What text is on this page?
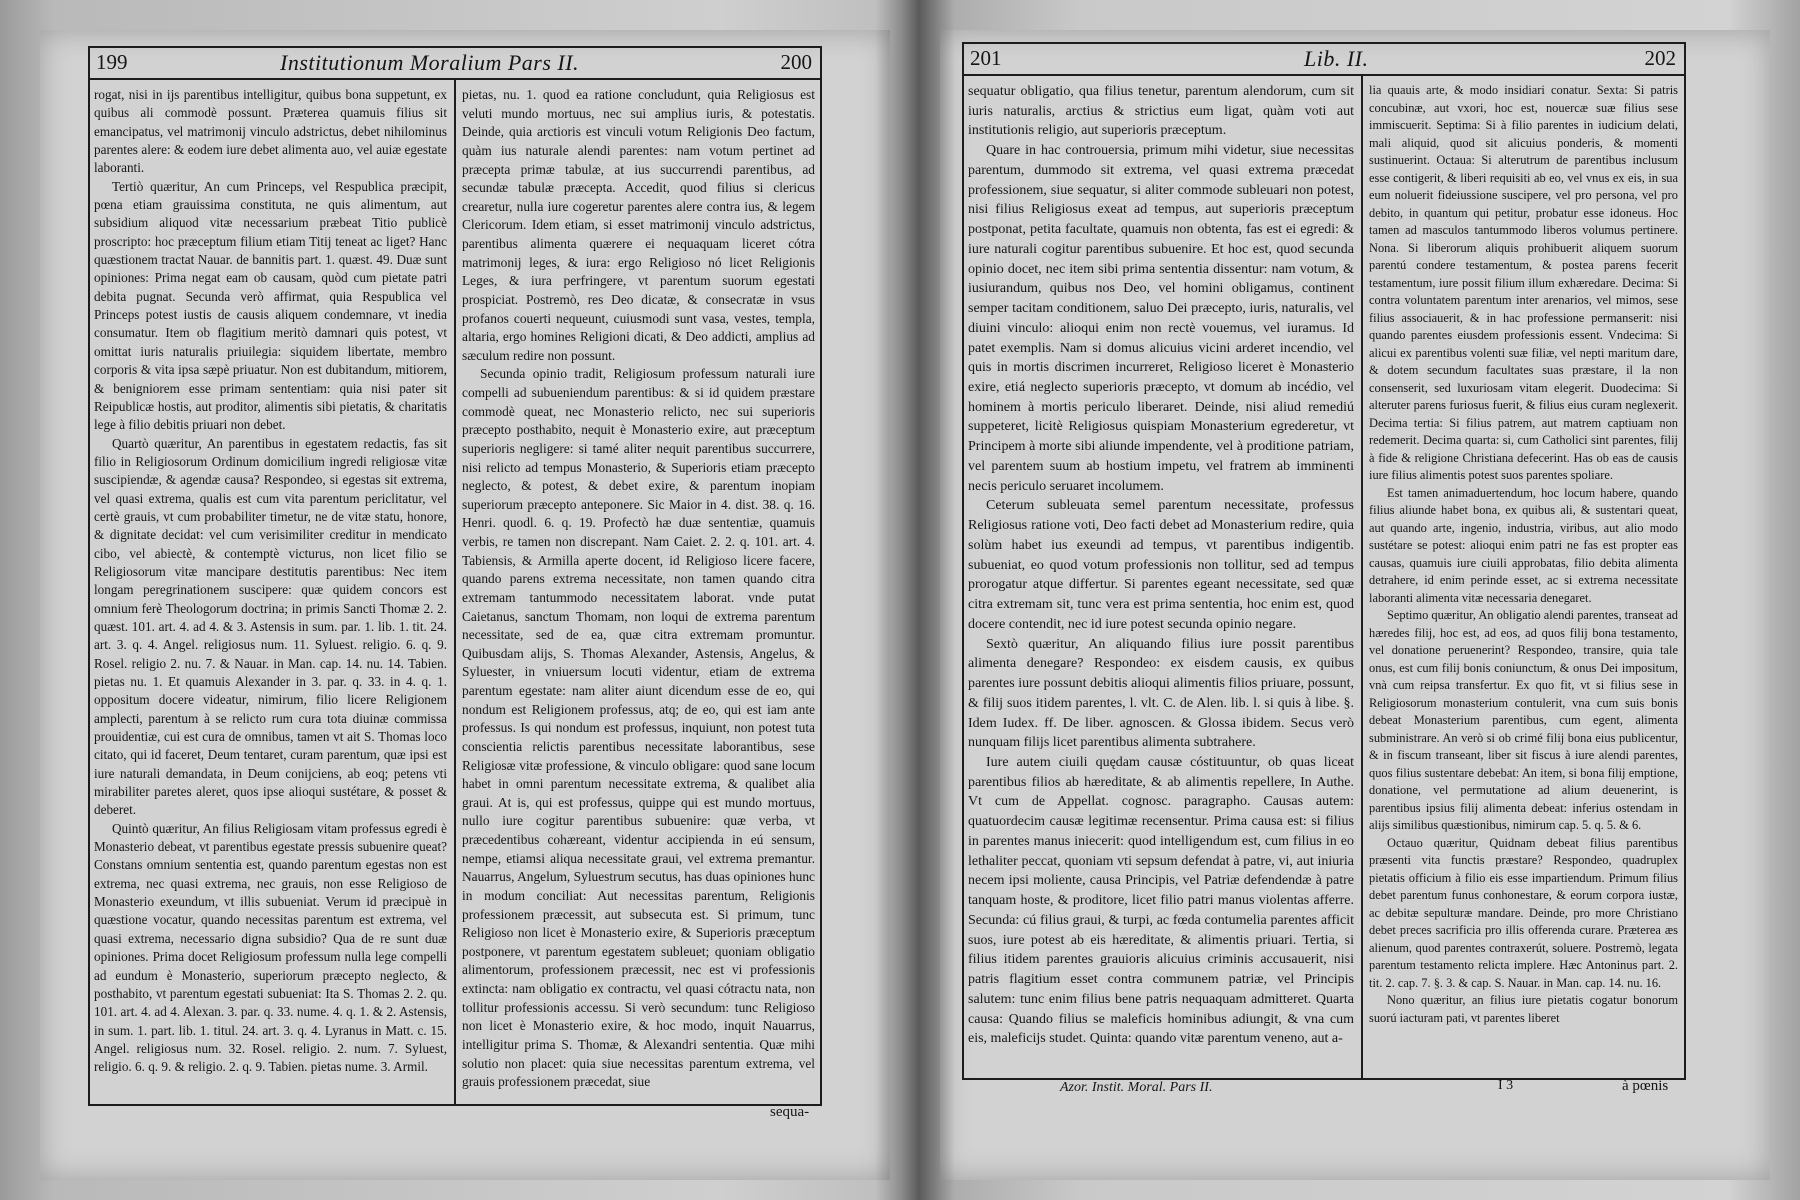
199	Institutionum Moralium Pars II.	200

rogat, nisi in ijs parentibus intelligitur, quibus bona suppetunt, ex quibus ali commodè possunt. Præterea quamuis filius sit emancipatus, vel matrimonij vinculo adstrictus, debet nihilominus parentes alere: & eodem iure debet alimenta auo, vel auiæ egestate laboranti.

Tertiò quæritur, An cum Princeps, vel Respublica præcipit, pœna etiam grauissima constituta, ne quis alimentum, aut subsidium aliquod vitæ necessarium præbeat Titio publicè proscripto: hoc præceptum filium etiam Titij teneat ac liget? Hanc quæstionem tractat Nauar. de bannitis part. 1. quæst. 49. Duæ sunt opiniones: Prima negat eam ob causam, quòd cum pietate patri debita pugnat. Secunda verò affirmat, quia Respublica vel Princeps potest iustis de causis aliquem condemnare, vt inedia consumatur. Item ob flagitium meritò damnari quis potest, vt omittat iuris naturalis priuilegia: siquidem libertate, membro corporis & vita ipsa sæpè priuatur. Non est dubitandum, mitiorem, & benigniorem esse primam sententiam: quia nisi pater sit Reipublicæ hostis, aut proditor, alimentis sibi pietatis, & charitatis lege à filio debitis priuari non debet.

Quartò quæritur, An parentibus in egestatem redactis, fas sit filio in Religiosorum Ordinum domicilium ingredi religiosæ vitæ suscipiendæ, & agendæ causa? Respondeo, si egestas sit extrema, vel quasi extrema, qualis est cum vita parentum periclitatur, vel certè grauis, vt cum probabiliter timetur, ne de vitæ statu, honore, & dignitate decidat: vel cum verisimiliter creditur in mendicato cibo, vel abiectè, & contemptè victurus, non licet filio se Religiosorum vitæ mancipare destitutis parentibus: Nec item longam peregrinationem suscipere: quæ quidem concors est omnium ferè Theologorum doctrina; in primis Sancti Thomæ 2. 2. quæst. 101. art. 4. ad 4. & 3. Astensis in sum. par. 1. lib. 1. tit. 24. art. 3. q. 4. Angel. religiosus num. 11. Syluest. religio. 6. q. 9. Rosel. religio 2. nu. 7. & Nauar. in Man. cap. 14. nu. 14. Tabien. pietas nu. 1. Et quamuis Alexander in 3. par. q. 33. in 4. q. 1. oppositum docere videatur, nimirum, filio licere Religionem amplecti, parentum à se relicto rum cura tota diuinæ commissa prouidentiæ, cui est cura de omnibus, tamen vt ait S. Thomas loco citato, qui id faceret, Deum tentaret, curam parentum, quæ ipsi est iure naturali demandata, in Deum conijciens, ab eoq; petens vti mirabiliter paretes aleret, quos ipse alioqui sustétare, & posset & deberet.

Quintò quæritur, An filius Religiosam vitam professus egredi è Monasterio debeat, vt parentibus egestate pressis subuenire queat? Constans omnium sententia est, quando parentum egestas non est extrema, nec quasi extrema, nec grauis, non esse Religioso de Monasterio exeundum, vt illis subueniat. Verum id præcipuè in quæstione vocatur, quando necessitas parentum est extrema, vel quasi extrema, necessario digna subsidio? Qua de re sunt duæ opiniones. Prima docet Religiosum professum nulla lege compelli ad eundum è Monasterio, superiorum præcepto neglecto, & posthabito, vt parentum egestati subueniat: Ita S. Thomas 2. 2. qu. 101. art. 4. ad 4. Alexan. 3. par. q. 33. nume. 4. q. 1. & 2. Astensis, in sum. 1. part. lib. 1. titul. 24. art. 3. q. 4. Lyranus in Matt. c. 15. Angel. religiosus num. 32. Rosel. religio. 2. num. 7. Syluest, religio. 6. q. 9. & religio. 2. q. 9. Tabien. pietas nume. 3. Armil.

pietas, nu. 1. quod ea ratione concludunt, quia Religiosus est veluti mundo mortuus, nec sui amplius iuris, & potestatis. Deinde, quia arctioris est vinculi votum Religionis Deo factum, quàm ius naturale alendi parentes: nam votum pertinet ad præcepta primæ tabulæ, at ius succurrendi parentibus, ad secundæ tabulæ præcepta. Accedit, quod filius si clericus crearetur, nulla iure cogeretur parentes alere contra ius, & legem Clericorum. Idem etiam, si esset matrimonij vinculo adstrictus, parentibus alimenta quærere ei nequaquam liceret cótra matrimonij leges, & iura: ergo Religioso nó licet Religionis Leges, & iura perfringere, vt parentum suorum egestati prospiciat. Postremò, res Deo dicatæ, & consecratæ in vsus profanos couerti nequeunt, cuiusmodi sunt vasa, vestes, templa, altaria, ergo homines Religioni dicati, & Deo addicti, amplius ad sæculum redire non possunt.

Secunda opinio tradit, Religiosum professum naturali iure compelli ad subueniendum parentibus: & si id quidem præstare commodè queat, nec Monasterio relicto, nec sui superioris præcepto posthabito, nequit è Monasterio exire, aut præceptum superioris negligere: si tamé aliter nequit parentibus succurrere, nisi relicto ad tempus Monasterio, & Superioris etiam præcepto neglecto, & potest, & debet exire, & parentum inopiam superiorum præcepto anteponere. Sic Maior in 4. dist. 38. q. 16. Henri. quodl. 6. q. 19. Profectò hæ duæ sententiæ, quamuis verbis, re tamen non discrepant. Nam Caiet. 2. 2. q. 101. art. 4. Tabiensis, & Armilla aperte docent, id Religioso licere facere, quando parens extrema necessitate, non tamen quando citra extremam tantummodo necessitatem laborat. vnde putat Caietanus, sanctum Thomam, non loqui de extrema parentum necessitate, sed de ea, quæ citra extremam promuntur. Quibusdam alijs, S. Thomas Alexander, Astensis, Angelus, & Syluester, in vniuersum locuti videntur, etiam de extrema parentum egestate: nam aliter aiunt dicendum esse de eo, qui nondum est Religionem professus, atq; de eo, qui est iam ante professus. Is qui nondum est professus, inquiunt, non potest tuta conscientia relictis parentibus necessitate laborantibus, sese Religiosæ vitæ professione, & vinculo obligare: quod sane locum habet in omni parentum necessitate extrema, & qualibet alia graui. At is, qui est professus, quippe qui est mundo mortuus, nullo iure cogitur parentibus subuenire: quæ verba, vt præcedentibus cohæreant, videntur accipienda in eú sensum, nempe, etiamsi aliqua necessitate graui, vel extrema premantur. Nauarrus, Angelum, Syluestrum secutus, has duas opiniones hunc in modum conciliat: Aut necessitas parentum, Religionis professionem præcessit, aut subsecuta est. Si primum, tunc Religioso non licet è Monasterio exire, & Superioris præceptum postponere, vt parentum egestatem subleuet; quoniam obligatio alimentorum, professionem præcessit, nec est vi professionis extincta: nam obligatio ex contractu, vel quasi cótractu nata, non tollitur professionis accessu. Si verò secundum: tunc Religioso non licet è Monasterio exire, & hoc modo, inquit Nauarrus, intelligitur prima S. Thomæ, & Alexandri sententia. Quæ mihi solutio non placet: quia siue necessitas parentum extrema, vel grauis professionem præcedat, siue

sequa-
201	Lib. II.	202

sequatur obligatio, qua filius tenetur, parentum alendorum, cum sit iuris naturalis, arctius & strictius eum ligat, quàm voti aut institutionis religio, aut superioris præceptum.

Quare in hac controuersia, primum mihi videtur, siue necessitas parentum, dummodo sit extrema, vel quasi extrema præcedat professionem, siue sequatur, si aliter commode subleuari non potest, nisi filius Religiosus exeat ad tempus, aut superioris præceptum postponat, petita facultate, quamuis non obtenta, fas est ei egredi: & iure naturali cogitur parentibus subuenire. Et hoc est, quod secunda opinio docet, nec item sibi prima sententia dissentur: nam votum, & iusiurandum, quibus nos Deo, vel homini obligamus, continent semper tacitam conditionem, saluo Dei præcepto, iuris, naturalis, vel diuini vinculo: alioqui enim non rectè vouemus, vel iuramus. Id patet exemplis. Nam si domus alicuius vicini arderet incendio, vel quis in mortis discrimen incurreret, Religioso liceret è Monasterio exire, etiá neglecto superioris præcepto, vt domum ab incédio, vel hominem à mortis periculo liberaret. Deinde, nisi aliud remediú suppeteret, licitè Religiosus quispiam Monasterium egrederetur, vt Principem à morte sibi aliunde impendente, vel à proditione patriam, vel parentem suum ab hostium impetu, vel fratrem ab imminenti necis periculo seruaret incolumem.

Ceterum subleuata semel parentum necessitate, professus Religiosus ratione voti, Deo facti debet ad Monasterium redire, quia solùm habet ius exeundi ad tempus, vt parentibus indigentib. subueniat, eo quod votum professionis non tollitur, sed ad tempus prorogatur atque differtur. Si parentes egeant necessitate, sed quæ citra extremam sit, tunc vera est prima sententia, hoc enim est, quod docere contendit, nec id iure potest secunda opinio negare.

Sextò quæritur, An aliquando filius iure possit parentibus alimenta denegare? Respondeo: ex eisdem causis, ex quibus parentes iure possunt debitis alioqui alimentis filios priuare, possunt, & filij suos itidem parentes, l. vlt. C. de Alen. lib. l. si quis à libe. §. Idem Iudex. ff. De liber. agnoscen. & Glossa ibidem. Secus verò nunquam filijs licet parentibus alimenta subtrahere.

Iure autem ciuili quędam causæ cóstituuntur, ob quas liceat parentibus filios ab hæreditate, & ab alimentis repellere, In Authe. Vt cum de Appellat. cognosc. paragrapho. Causas autem: quatuordecim causæ legitimæ recensentur. Prima causa est: si filius in parentes manus iniecerit: quod intelligendum est, cum filius in eo lethaliter peccat, quoniam vti sepsum defendat à patre, vi, aut iniuria necem ipsi moliente, causa Principis, vel Patriæ defendendæ à patre tanquam hoste, & proditore, licet filio patri manus violentas afferre. Secunda: cú filius graui, & turpi, ac fœda contumelia parentes afficit suos, iure potest ab eis hæreditate, & alimentis priuari. Tertia, si filius itidem parentes grauioris alicuius criminis accusauerit, nisi patris flagitium esset contra communem patriæ, vel Principis salutem: tunc enim filius bene patris nequaquam admitteret. Quarta causa: Quando filius se maleficis hominibus adiungit, & vna cum eis, maleficijs studet. Quinta: quando vitæ parentum veneno, aut a-

lia quauis arte, & modo insidiari conatur. Sexta: Si patris concubinæ, aut vxori, hoc est, nouercæ suæ filius sese immiscuerit. Septima: Si à filio parentes in iudicium delati, mali aliquid, quod sit alicuius ponderis, & momenti sustinuerint. Octaua: Si alterutrum de parentibus inclusum esse contigerit, & liberi requisiti ab eo, vel vnus ex eis, in sua eum noluerit fideiussione suscipere, vel pro persona, vel pro debito, in quantum qui petitur, probatur esse idoneus. Hoc tamen ad masculos tantummodo liberos volumus pertinere. Nona. Si liberorum aliquis prohibuerit aliquem suorum parentú condere testamentum, & postea parens fecerit testamentum, iure possit filium illum exhæredare. Decima: Si contra voluntatem parentum inter arenarios, vel mimos, sese filius associauerit, & in hac professione permanserit: nisi quando parentes eiusdem professionis essent. Vndecima: Si alicui ex parentibus volenti suæ filiæ, vel nepti maritum dare, & dotem secundum facultates suas præstare, il la non consenserit, sed luxuriosam vitam elegerit. Duodecima: Si alteruter parens furiosus fuerit, & filius eius curam neglexerit. Decima tertia: Si filius patrem, aut matrem captiuam non redemerit. Decima quarta: si, cum Catholici sint parentes, filij à fide & religione Christiana defecerint. Has ob eas de causis iure filius alimentis potest suos parentes spoliare.

Est tamen animaduertendum, hoc locum habere, quando filius aliunde habet bona, ex quibus ali, & sustentari queat, aut quando arte, ingenio, industria, viribus, aut alio modo sustétare se potest: alioqui enim patri ne fas est propter eas causas, quamuis iure ciuili approbatas, filio debita alimenta detrahere, id enim perinde esset, ac si extrema necessitate laboranti alimenta vitæ necessaria denegaret.

Septimo quæritur, An obligatio alendi parentes, transeat ad hæredes filij, hoc est, ad eos, ad quos filij bona testamento, vel donatione peruenerint? Respondeo, transire, quia tale onus, est cum filij bonis coniunctum, & onus Dei impositum, vnà cum reipsa transfertur. Ex quo fit, vt si filius sese in Religiosorum monasterium contulerit, vna cum suis bonis debeat Monasterium parentibus, cum egent, alimenta subministrare. An verò si ob crimé filij bona eius publicentur, & in fiscum transeant, liber sit fiscus à iure alendi parentes, quos filius sustentare debebat: An item, si bona filij emptione, donatione, vel permutatione ad alium deuenerint, is parentibus ipsius filij alimenta debeat: inferius ostendam in alijs similibus quæstionibus, nimirum cap. 5. q. 5. & 6.

Octauo quæritur, Quidnam debeat filius parentibus præsenti vita functis præstare? Respondeo, quadruplex pietatis officium à filio eis esse impartiendum. Primum filius debet parentum funus conhonestare, & eorum corpora iustæ, ac debitæ sepulturæ mandare. Deinde, pro more Christiano debet preces sacrificia pro illis offerenda curare. Præterea æs alienum, quod parentes contraxerút, soluere. Postremò, legata parentum testamento relicta implere. Hæc Antoninus part. 2. tit. 2. cap. 7. §. 3. & cap. S. Nauar. in Man. cap. 14. nu. 16.

Nono quæritur, an filius iure pietatis cogatur bonorum suorú iacturam pati, vt parentes liberet

Azor. Instit. Moral. Pars II.	I 3	à pœnis
